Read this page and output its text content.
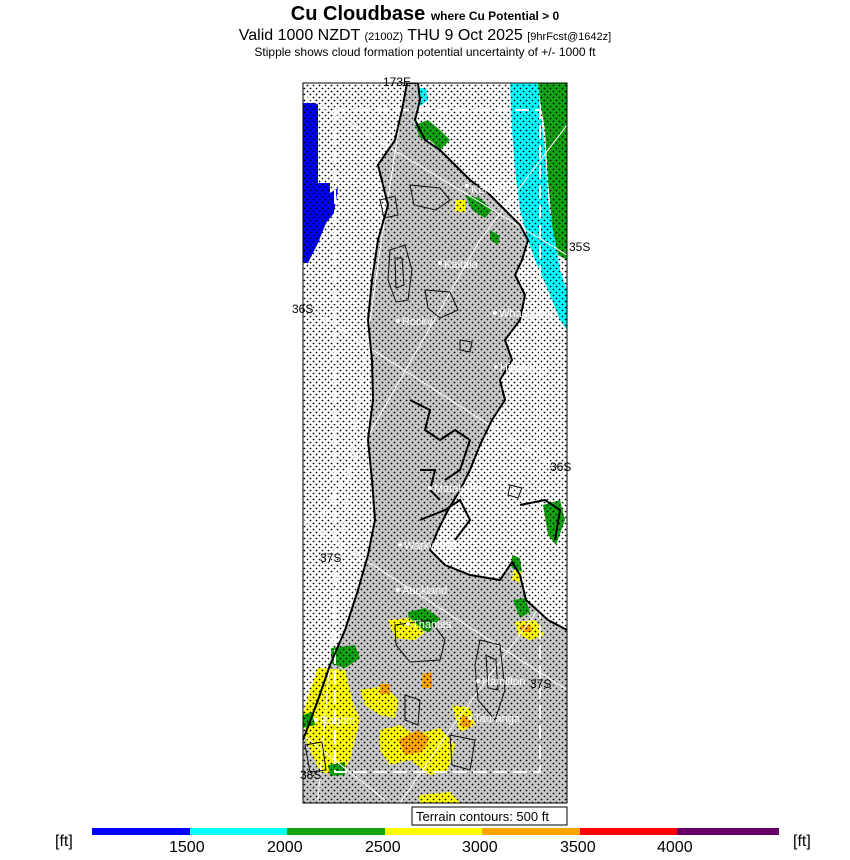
Cu Cloudbase where Cu Potential > 0
Valid 1000 NZDT (2100Z) THU 9 Oct 2025 [9hrFcst@1642z]
Stipple shows cloud formation potential uncertainty of +/- 1000 ft
173E
35S
36S
36S
37S
37S
38S
Kerikeri
Kaitaia
Rockv
Whangarei
Hikurangi
Matakohe
Warkworth
Auckland
Thames
Hamilton
Tauranga
Raglan
Terrain contours: 500 ft
[ft]	[ft]
1500	2000	2500	3000	3500	4000
